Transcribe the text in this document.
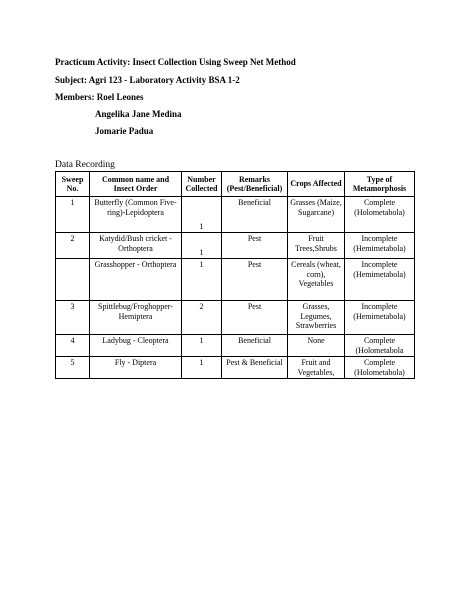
Practicum Activity: Insect Collection Using Sweep Net Method
Subject: Agri 123 - Laboratory Activity BSA 1-2
Members: Roel Leones
Angelika Jane Medina
Jomarie Padua
Data Recording
Sweep No.	Common name and Insect Order	Number Collected	Remarks (Pest/Beneficial)	Crops Affected	Type of Metamorphosis
1	Butterfly (Common Five-ring)-Lepidoptera	1	Beneficial	Grasses (Maize, Sugarcane)	Complete (Holometabola)
2	Katydid/Bush cricket - Orthoptera	1	Pest	Fruit Trees,Shrubs	Incomplete (Hemimetabola)
	Grasshopper - Orthoptera	1	Pest	Cereals (wheat, corn), Vegetables	Incomplete (Hemimetabola)
3	Spittlebug/Froghopper-Hemiptera	2	Pest	Grasses, Legumes, Strawberries	Incomplete (Hemimetabola)
4	Ladybug - Cleoptera	1	Beneficial	None	Complete (Holometabola
5	Fly - Diptera	1	Pest & Beneficial	Fruit and Vegetables,	Complete (Holometabola)
